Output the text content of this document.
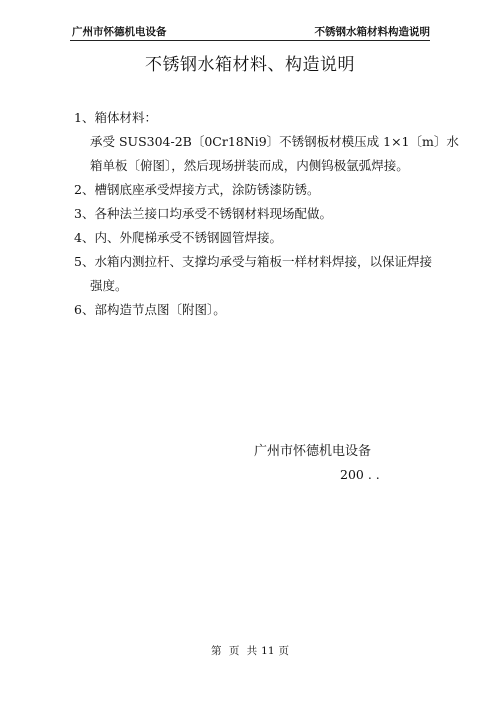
广州市怀德机电设备	不锈钢水箱材料构造说明
不锈钢水箱材料、构造说明
1、箱体材料：
承受 SUS304-2B〔0Cr18Ni9〕不锈钢板材模压成 1×1〔m〕水
箱单板〔俯图〕，然后现场拼装而成，内侧钨极氩弧焊接。
2、槽钢底座承受焊接方式，涂防锈漆防锈。
3、各种法兰接口均承受不锈钢材料现场配做。
4、内、外爬梯承受不锈钢圆管焊接。
5、水箱内测拉杆、支撑均承受与箱板一样材料焊接，以保证焊接
强度。
6、部构造节点图〔附图〕。
广州市怀德机电设备
200 . .
第 页 共 11 页
